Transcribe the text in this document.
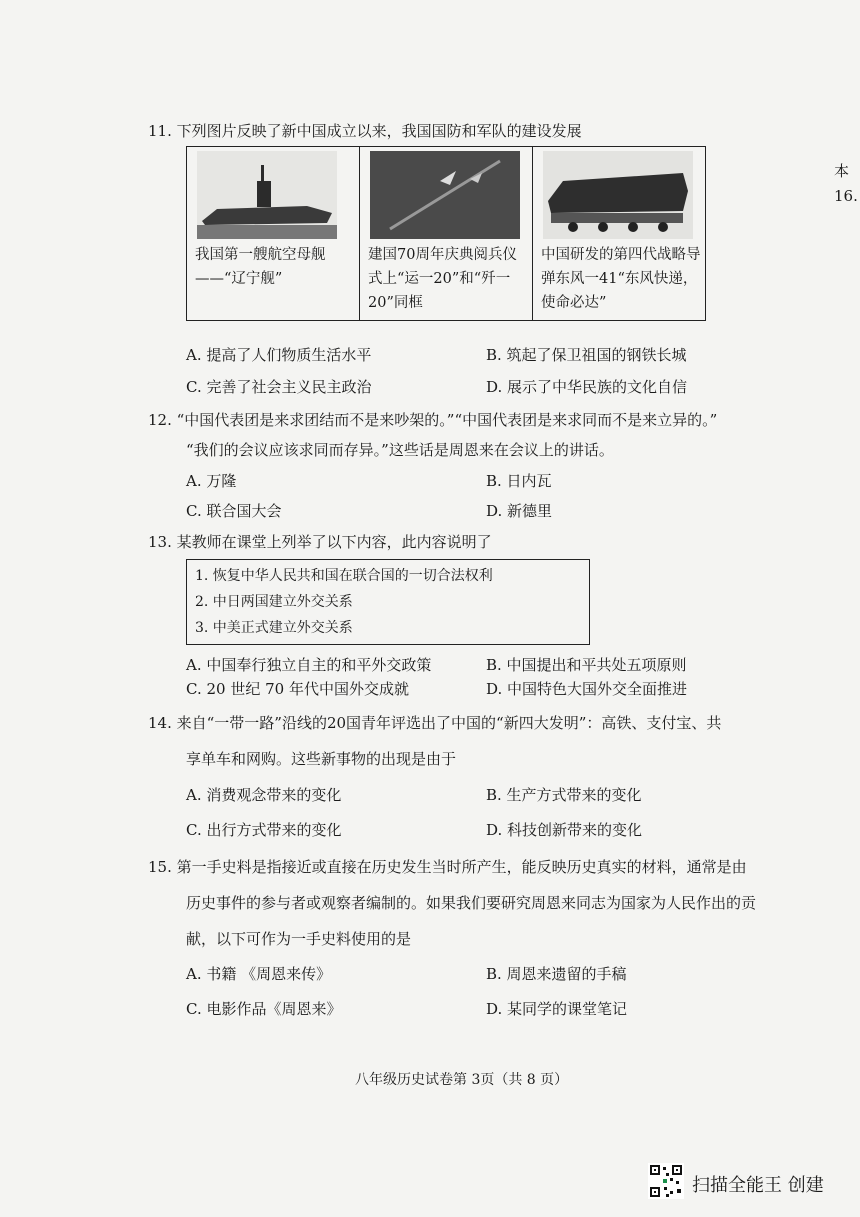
11. 下列图片反映了新中国成立以来，我国国防和军队的建设发展
我国第一艘航空母舰——“辽宁舰”
建国70周年庆典阅兵仪式上“运一20”和“歼一20”同框
中国研发的第四代战略导弹东风一41“东风快递，使命必达”
A. 提高了人们物质生活水平	B. 筑起了保卫祖国的钢铁长城
C. 完善了社会主义民主政治	D. 展示了中华民族的文化自信
12. “中国代表团是来求团结而不是来吵架的。”“中国代表团是来求同而不是来立异的。”
“我们的会议应该求同而存异。”这些话是周恩来在会议上的讲话。
A. 万隆	B. 日内瓦
C. 联合国大会	D. 新德里
13. 某教师在课堂上列举了以下内容，此内容说明了
1. 恢复中华人民共和国在联合国的一切合法权利
2. 中日两国建立外交关系
3. 中美正式建立外交关系
A. 中国奉行独立自主的和平外交政策	B. 中国提出和平共处五项原则
C. 20 世纪 70 年代中国外交成就	D. 中国特色大国外交全面推进
14. 来自“一带一路”沿线的20国青年评选出了中国的“新四大发明”：高铁、支付宝、共
享单车和网购。这些新事物的出现是由于
A. 消费观念带来的变化	B. 生产方式带来的变化
C. 出行方式带来的变化	D. 科技创新带来的变化
15. 第一手史料是指接近或直接在历史发生当时所产生，能反映历史真实的材料，通常是由
历史事件的参与者或观察者编制的。如果我们要研究周恩来同志为国家为人民作出的贡
献，以下可作为一手史料使用的是
A. 书籍 《周恩来传》	B. 周恩来遗留的手稿
C. 电影作品《周恩来》	D. 某同学的课堂笔记
本
16.
八年级历史试卷第 3页（共 8 页）
扫描全能王 创建
